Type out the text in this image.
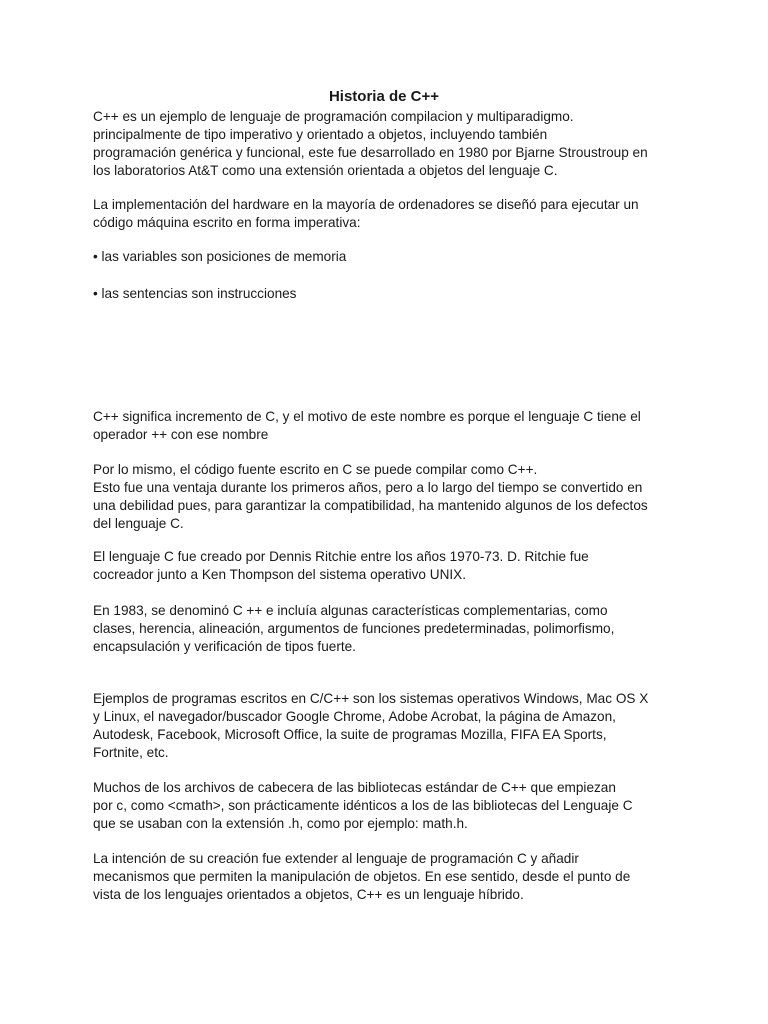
Historia de C++
C++ es un ejemplo de lenguaje de programación compilacion y multiparadigmo.
principalmente de tipo imperativo y orientado a objetos, incluyendo también
programación genérica y funcional, este fue desarrollado en 1980 por Bjarne Stroustroup en
los laboratorios At&T como una extensión orientada a objetos del lenguaje C.
La implementación del hardware en la mayoría de ordenadores se diseñó para ejecutar un
código máquina escrito en forma imperativa:
• las variables son posiciones de memoria
• las sentencias son instrucciones
C++ significa incremento de C, y el motivo de este nombre es porque el lenguaje C tiene el
operador ++ con ese nombre
Por lo mismo, el código fuente escrito en C se puede compilar como C++.
Esto fue una ventaja durante los primeros años, pero a lo largo del tiempo se convertido en
una debilidad pues, para garantizar la compatibilidad, ha mantenido algunos de los defectos
del lenguaje C.
El lenguaje C fue creado por Dennis Ritchie entre los años 1970-73. D. Ritchie fue
cocreador junto a Ken Thompson del sistema operativo UNIX.
En 1983, se denominó C ++ e incluía algunas características complementarias, como
clases, herencia, alineación, argumentos de funciones predeterminadas, polimorfismo,
encapsulación y verificación de tipos fuerte.
Ejemplos de programas escritos en C/C++ son los sistemas operativos Windows, Mac OS X
y Linux, el navegador/buscador Google Chrome, Adobe Acrobat, la página de Amazon,
Autodesk, Facebook, Microsoft Office, la suite de programas Mozilla, FIFA EA Sports,
Fortnite, etc.
Muchos de los archivos de cabecera de las bibliotecas estándar de C++ que empiezan
por c, como <cmath>, son prácticamente idénticos a los de las bibliotecas del Lenguaje C
que se usaban con la extensión .h, como por ejemplo: math.h.
La intención de su creación fue extender al lenguaje de programación C y añadir
mecanismos que permiten la manipulación de objetos. En ese sentido, desde el punto de
vista de los lenguajes orientados a objetos, C++ es un lenguaje híbrido.
